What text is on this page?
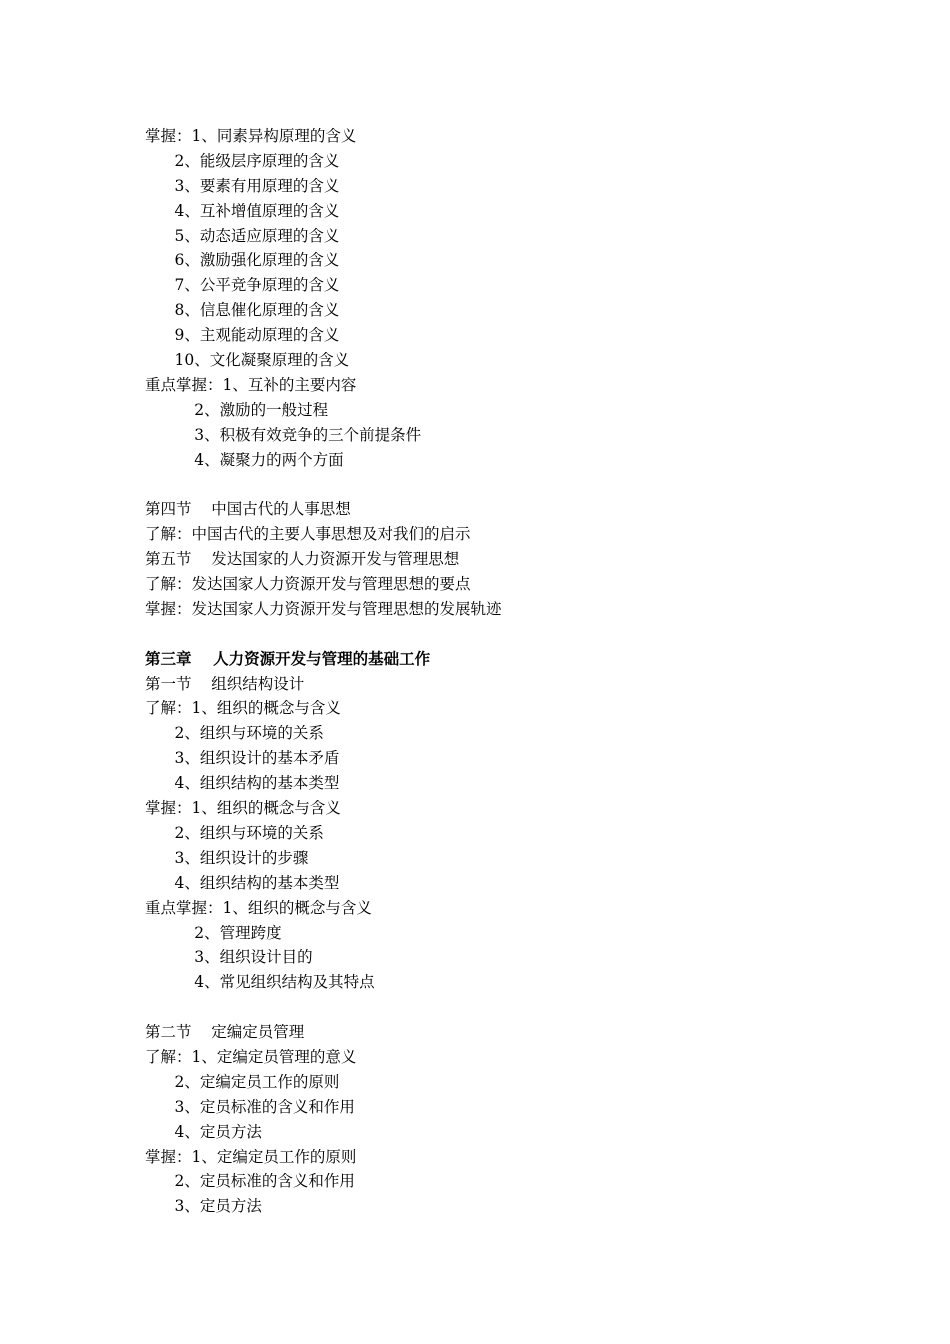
掌握：1、同素异构原理的含义
2、能级层序原理的含义
3、要素有用原理的含义
4、互补增值原理的含义
5、动态适应原理的含义
6、激励强化原理的含义
7、公平竞争原理的含义
8、信息催化原理的含义
9、主观能动原理的含义
10、文化凝聚原理的含义
重点掌握：1、互补的主要内容
2、激励的一般过程
3、积极有效竞争的三个前提条件
4、凝聚力的两个方面
第四节    中国古代的人事思想
了解：中国古代的主要人事思想及对我们的启示
第五节    发达国家的人力资源开发与管理思想
了解：发达国家人力资源开发与管理思想的要点
掌握：发达国家人力资源开发与管理思想的发展轨迹
第三章    人力资源开发与管理的基础工作
第一节    组织结构设计
了解：1、组织的概念与含义
2、组织与环境的关系
3、组织设计的基本矛盾
4、组织结构的基本类型
掌握：1、组织的概念与含义
2、组织与环境的关系
3、组织设计的步骤
4、组织结构的基本类型
重点掌握：1、组织的概念与含义
2、管理跨度
3、组织设计目的
4、常见组织结构及其特点
第二节    定编定员管理
了解：1、定编定员管理的意义
2、定编定员工作的原则
3、定员标准的含义和作用
4、定员方法
掌握：1、定编定员工作的原则
2、定员标准的含义和作用
3、定员方法
